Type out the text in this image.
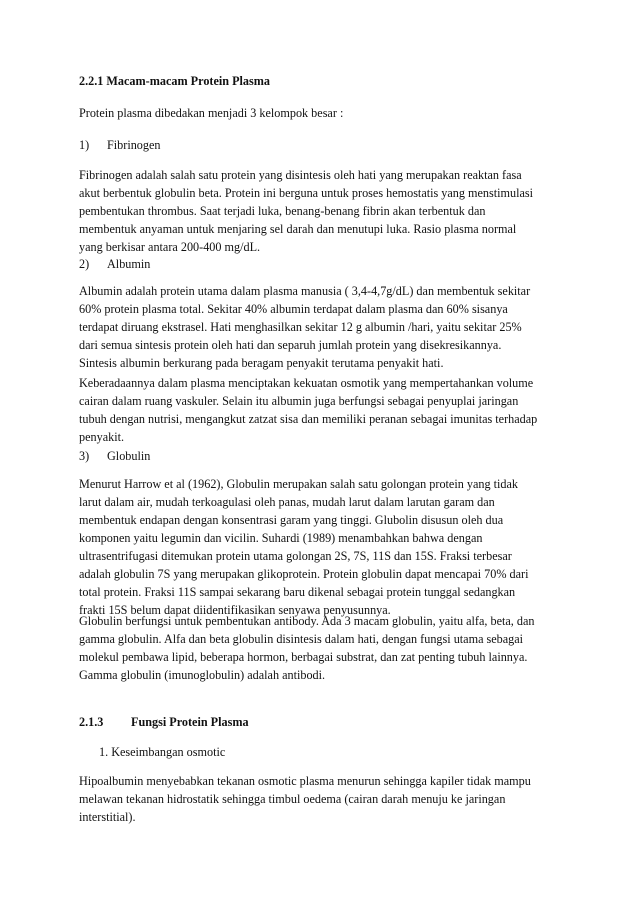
2.2.1 Macam-macam Protein Plasma
Protein plasma dibedakan menjadi 3 kelompok besar :
1) Fibrinogen
Fibrinogen adalah salah satu protein yang disintesis oleh hati yang merupakan reaktan fasa
akut berbentuk globulin beta. Protein ini berguna untuk proses hemostatis yang menstimulasi
pembentukan thrombus. Saat terjadi luka, benang-benang fibrin akan terbentuk dan
membentuk anyaman untuk menjaring sel darah dan menutupi luka. Rasio plasma normal
yang berkisar antara 200-400 mg/dL.
2) Albumin
Albumin adalah protein utama dalam plasma manusia ( 3,4-4,7g/dL) dan membentuk sekitar
60% protein plasma total. Sekitar 40% albumin terdapat dalam plasma dan 60% sisanya
terdapat diruang ekstrasel. Hati menghasilkan sekitar 12 g albumin /hari, yaitu sekitar 25%
dari semua sintesis protein oleh hati dan separuh jumlah protein yang disekresikannya.
Sintesis albumin berkurang pada beragam penyakit terutama penyakit hati.
Keberadaannya dalam plasma menciptakan kekuatan osmotik yang mempertahankan volume
cairan dalam ruang vaskuler. Selain itu albumin juga berfungsi sebagai penyuplai jaringan
tubuh dengan nutrisi, mengangkut zatzat sisa dan memiliki peranan sebagai imunitas terhadap
penyakit.
3) Globulin
Menurut Harrow et al (1962), Globulin merupakan salah satu golongan protein yang tidak
larut dalam air, mudah terkoagulasi oleh panas, mudah larut dalam larutan garam dan
membentuk endapan dengan konsentrasi garam yang tinggi. Glubolin disusun oleh dua
komponen yaitu legumin dan vicilin. Suhardi (1989) menambahkan bahwa dengan
ultrasentrifugasi ditemukan protein utama golongan 2S, 7S, 11S dan 15S. Fraksi terbesar
adalah globulin 7S yang merupakan glikoprotein. Protein globulin dapat mencapai 70% dari
total protein. Fraksi 11S sampai sekarang baru dikenal sebagai protein tunggal sedangkan
frakti 15S belum dapat diidentifikasikan senyawa penyusunnya.
Globulin berfungsi untuk pembentukan antibody. Ada 3 macam globulin, yaitu alfa, beta, dan
gamma globulin. Alfa dan beta globulin disintesis dalam hati, dengan fungsi utama sebagai
molekul pembawa lipid, beberapa hormon, berbagai substrat, dan zat penting tubuh lainnya.
Gamma globulin (imunoglobulin) adalah antibodi.
2.1.3 Fungsi Protein Plasma
1. Keseimbangan osmotic
Hipoalbumin menyebabkan tekanan osmotic plasma menurun sehingga kapiler tidak mampu
melawan tekanan hidrostatik sehingga timbul oedema (cairan darah menuju ke jaringan
interstitial).
